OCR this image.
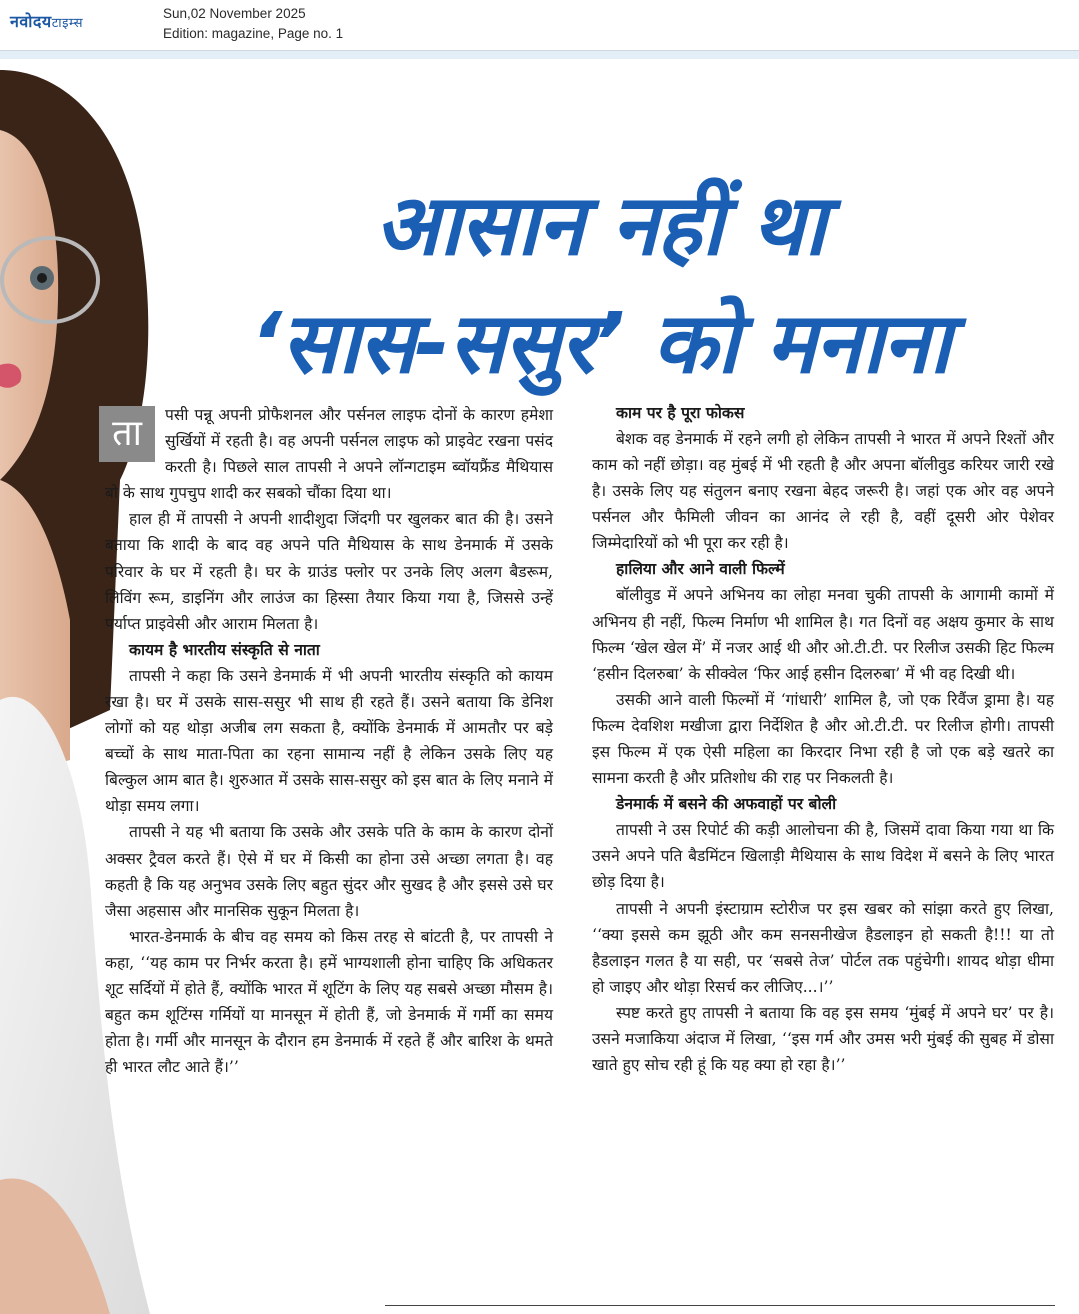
नवोदयटाइम्स
Sun,02 November 2025
Edition: magazine, Page no. 1
आसान नहीं था

‘सास-ससुर’ को मनाना

ता	पसी पन्नू अपनी प्रोफैशनल और पर्सनल लाइफ दोनों के कारण हमेशा सुर्खियों में रहती है। वह अपनी पर्सनल लाइफ को प्राइवेट रखना पसंद करती है। पिछले साल तापसी ने अपने लॉन्गटाइम ब्वॉयफ्रैंड मैथियास बो के साथ गुपचुप शादी कर सबको चौंका दिया था।

हाल ही में तापसी ने अपनी शादीशुदा जिंदगी पर खुलकर बात की है। उसने बताया कि शादी के बाद वह अपने पति मैथियास के साथ डेनमार्क में उसके परिवार के घर में रहती है। घर के ग्राउंड फ्लोर पर उनके लिए अलग बैडरूम, लिविंग रूम, डाइनिंग और लाउंज का हिस्सा तैयार किया गया है, जिससे उन्हें पर्याप्त प्राइवेसी और आराम मिलता है।

कायम है भारतीय संस्कृति से नाता

तापसी ने कहा कि उसने डेनमार्क में भी अपनी भारतीय संस्कृति को कायम रखा है। घर में उसके सास-ससुर भी साथ ही रहते हैं। उसने बताया कि डेनिश लोगों को यह थोड़ा अजीब लग सकता है, क्योंकि डेनमार्क में आमतौर पर बड़े बच्चों के साथ माता-पिता का रहना सामान्य नहीं है लेकिन उसके लिए यह बिल्कुल आम बात है। शुरुआत में उसके सास-ससुर को इस बात के लिए मनाने में थोड़ा समय लगा।

तापसी ने यह भी बताया कि उसके और उसके पति के काम के कारण दोनों अक्सर ट्रैवल करते हैं। ऐसे में घर में किसी का होना उसे अच्छा लगता है। वह कहती है कि यह अनुभव उसके लिए बहुत सुंदर और सुखद है और इससे उसे घर जैसा अहसास और मानसिक सुकून मिलता है।

भारत-डेनमार्क के बीच वह समय को किस तरह से बांटती है, पर तापसी ने कहा, ‘‘यह काम पर निर्भर करता है। हमें भाग्यशाली होना चाहिए कि अधिकतर शूट सर्दियों में होते हैं, क्योंकि भारत में शूटिंग के लिए यह सबसे अच्छा मौसम है। बहुत कम शूटिंग्स गर्मियों या मानसून में होती हैं, जो डेनमार्क में गर्मी का समय होता है। गर्मी और मानसून के दौरान हम डेनमार्क में रहते हैं और बारिश के थमते ही भारत लौट आते हैं।’’

काम पर है पूरा फोकस

बेशक वह डेनमार्क में रहने लगी हो लेकिन तापसी ने भारत में अपने रिश्तों और काम को नहीं छोड़ा। वह मुंबई में भी रहती है और अपना बॉलीवुड करियर जारी रखे है। उसके लिए यह संतुलन बनाए रखना बेहद जरूरी है। जहां एक ओर वह अपने पर्सनल और फैमिली जीवन का आनंद ले रही है, वहीं दूसरी ओर पेशेवर जिम्मेदारियों को भी पूरा कर रही है।

हालिया और आने वाली फिल्में

बॉलीवुड में अपने अभिनय का लोहा मनवा चुकी तापसी के आगामी कामों में अभिनय ही नहीं, फिल्म निर्माण भी शामिल है। गत दिनों वह अक्षय कुमार के साथ फिल्म ‘खेल खेल में’ में नजर आई थी और ओ.टी.टी. पर रिलीज उसकी हिट फिल्म ‘हसीन दिलरुबा’ के सीक्वेल ‘फिर आई हसीन दिलरुबा’ में भी वह दिखी थी।

उसकी आने वाली फिल्मों में ‘गांधारी’ शामिल है, जो एक रिवैंज ड्रामा है। यह फिल्म देवशिश मखीजा द्वारा निर्देशित है और ओ.टी.टी. पर रिलीज होगी। तापसी इस फिल्म में एक ऐसी महिला का किरदार निभा रही है जो एक बड़े खतरे का सामना करती है और प्रतिशोध की राह पर निकलती है।

डेनमार्क में बसने की अफवाहों पर बोली

तापसी ने उस रिपोर्ट की कड़ी आलोचना की है, जिसमें दावा किया गया था कि उसने अपने पति बैडमिंटन खिलाड़ी मैथियास के साथ विदेश में बसने के लिए भारत छोड़ दिया है।

तापसी ने अपनी इंस्टाग्राम स्टोरीज पर इस खबर को सांझा करते हुए लिखा, ‘‘क्या इससे कम झूठी और कम सनसनीखेज हैडलाइन हो सकती है!!! या तो हैडलाइन गलत है या सही, पर ‘सबसे तेज’ पोर्टल तक पहुंचेगी। शायद थोड़ा धीमा हो जाइए और थोड़ा रिसर्च कर लीजिए...।’’

स्पष्ट करते हुए तापसी ने बताया कि वह इस समय ‘मुंबई में अपने घर’ पर है। उसने मजाकिया अंदाज में लिखा, ‘‘इस गर्म और उमस भरी मुंबई की सुबह में डोसा खाते हुए सोच रही हूं कि यह क्या हो रहा है।’’
